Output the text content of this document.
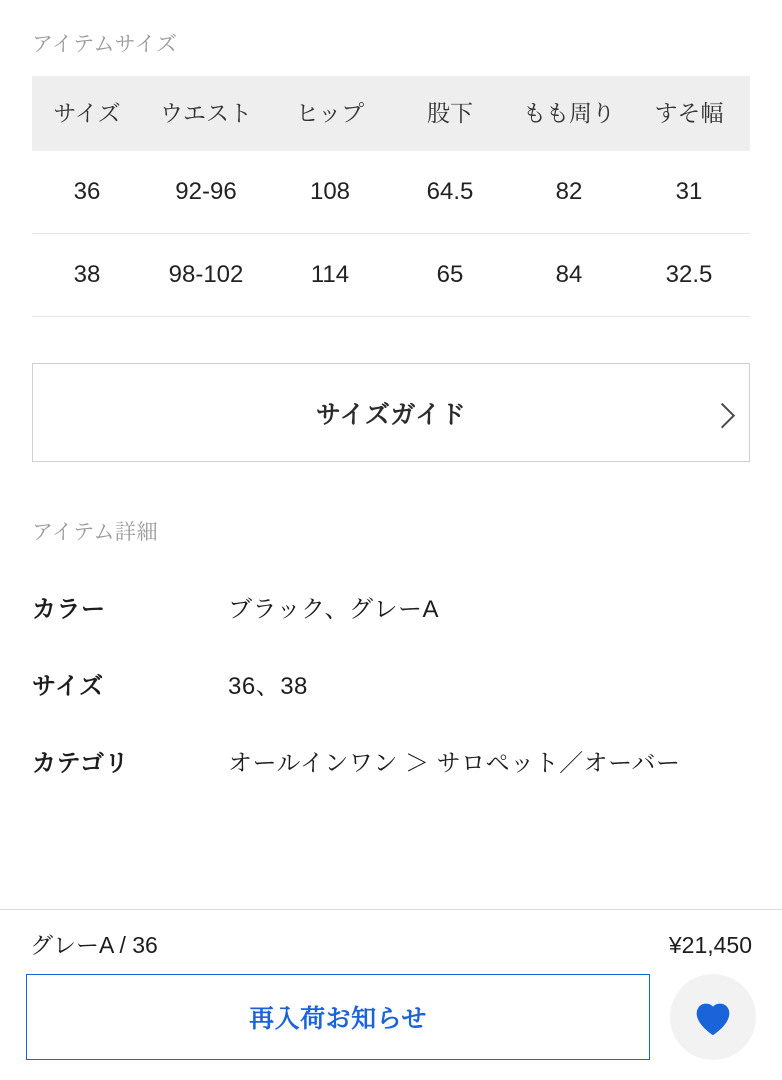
アイテムサイズ
サイズ	ウエスト	ヒップ	股下	もも周り	すそ幅
36	92-96	108	64.5	82	31
38	98-102	114	65	84	32.5
サイズガイド
アイテム詳細
カラー	ブラック、グレーA
サイズ	36、38
カテゴリ	オールインワン ＞ サロペット／オーバー
グレーA / 36	¥21,450
再入荷お知らせ
